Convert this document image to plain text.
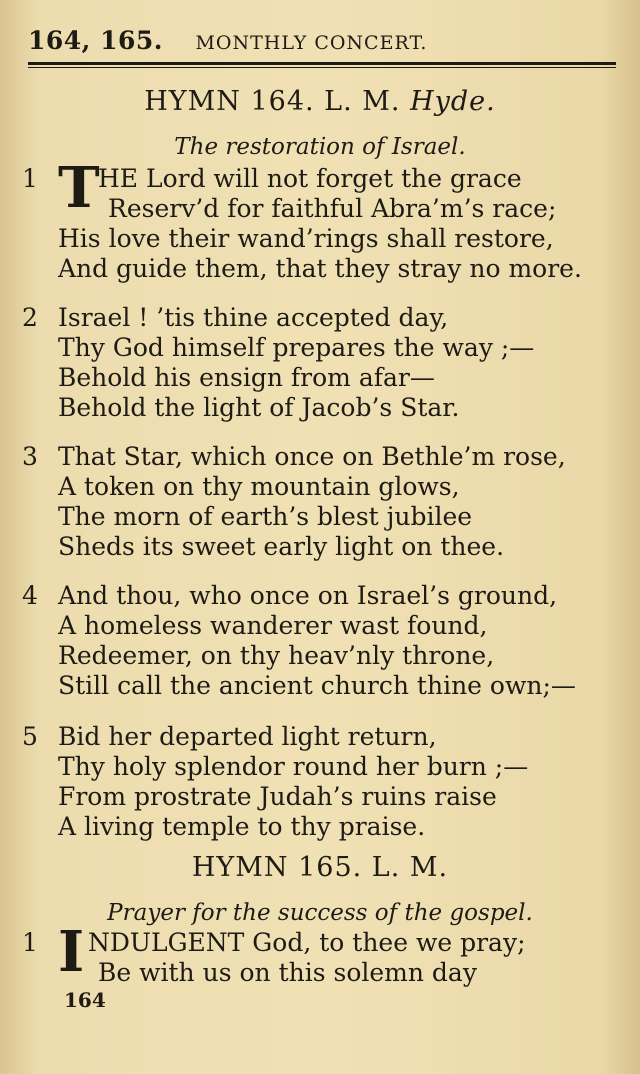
164, 165. MONTHLY CONCERT.
HYMN 164. L. M. Hyde.
The restoration of Israel.
1 T
HE Lord will not forget the grace
Reserv’d for faithful Abra’m’s race;
His love their wand’rings shall restore,
And guide them, that they stray no more.
2 Israel ! ’tis thine accepted day,
Thy God himself prepares the way ;—
Behold his ensign from afar—
Behold the light of Jacob’s Star.
3 That Star, which once on Bethle’m rose,
A token on thy mountain glows,
The morn of earth’s blest jubilee
Sheds its sweet early light on thee.
4 And thou, who once on Israel’s ground,
A homeless wanderer wast found,
Redeemer, on thy heav’nly throne,
Still call the ancient church thine own;—
5 Bid her departed light return,
Thy holy splendor round her burn ;—
From prostrate Judah’s ruins raise
A living temple to thy praise.
HYMN 165. L. M.
Prayer for the success of the gospel.
1 I NDULGENT God, to thee we pray;
Be with us on this solemn day
164
